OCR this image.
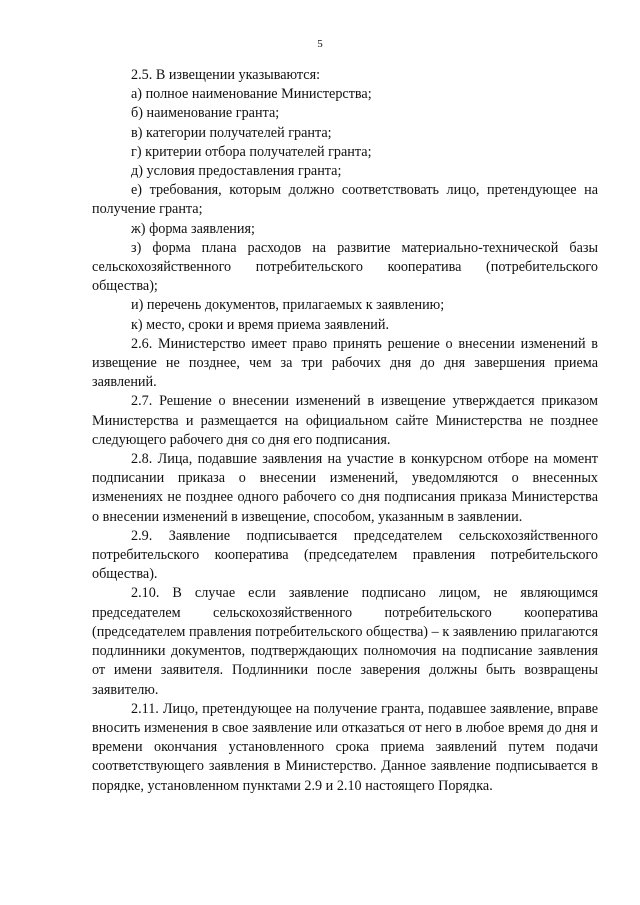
5

2.5. В извещении указываются:

а) полное наименование Министерства;

б) наименование гранта;

в) категории получателей гранта;

г) критерии отбора получателей гранта;

д) условия предоставления гранта;

е) требования, которым должно соответствовать лицо, претендующее на получение гранта;

ж) форма заявления;

з) форма плана расходов на развитие материально-технической базы сельскохозяйственного потребительского кооператива (потребительского общества);

и) перечень документов, прилагаемых к заявлению;

к) место, сроки и время приема заявлений.

2.6. Министерство имеет право принять решение о внесении изменений в извещение не позднее, чем за три рабочих дня до дня завершения приема заявлений.

2.7. Решение о внесении изменений в извещение утверждается приказом Министерства и размещается на официальном сайте Министерства не позднее следующего рабочего дня со дня его подписания.

2.8. Лица, подавшие заявления на участие в конкурсном отборе на момент подписании приказа о внесении изменений, уведомляются о внесенных изменениях не позднее одного рабочего со дня подписания приказа Министерства о внесении изменений в извещение, способом, указанным в заявлении.

2.9. Заявление подписывается председателем сельскохозяйственного потребительского кооператива (председателем правления потребительского общества).

2.10. В случае если заявление подписано лицом, не являющимся председателем сельскохозяйственного потребительского кооператива (председателем правления потребительского общества) – к заявлению прилагаются подлинники документов, подтверждающих полномочия на подписание заявления от имени заявителя. Подлинники после заверения должны быть возвращены заявителю.

2.11. Лицо, претендующее на получение гранта, подавшее заявление, вправе вносить изменения в свое заявление или отказаться от него в любое время до дня и времени окончания установленного срока приема заявлений путем подачи соответствующего заявления в Министерство. Данное заявление подписывается в порядке, установленном пунктами 2.9 и 2.10 настоящего Порядка.
